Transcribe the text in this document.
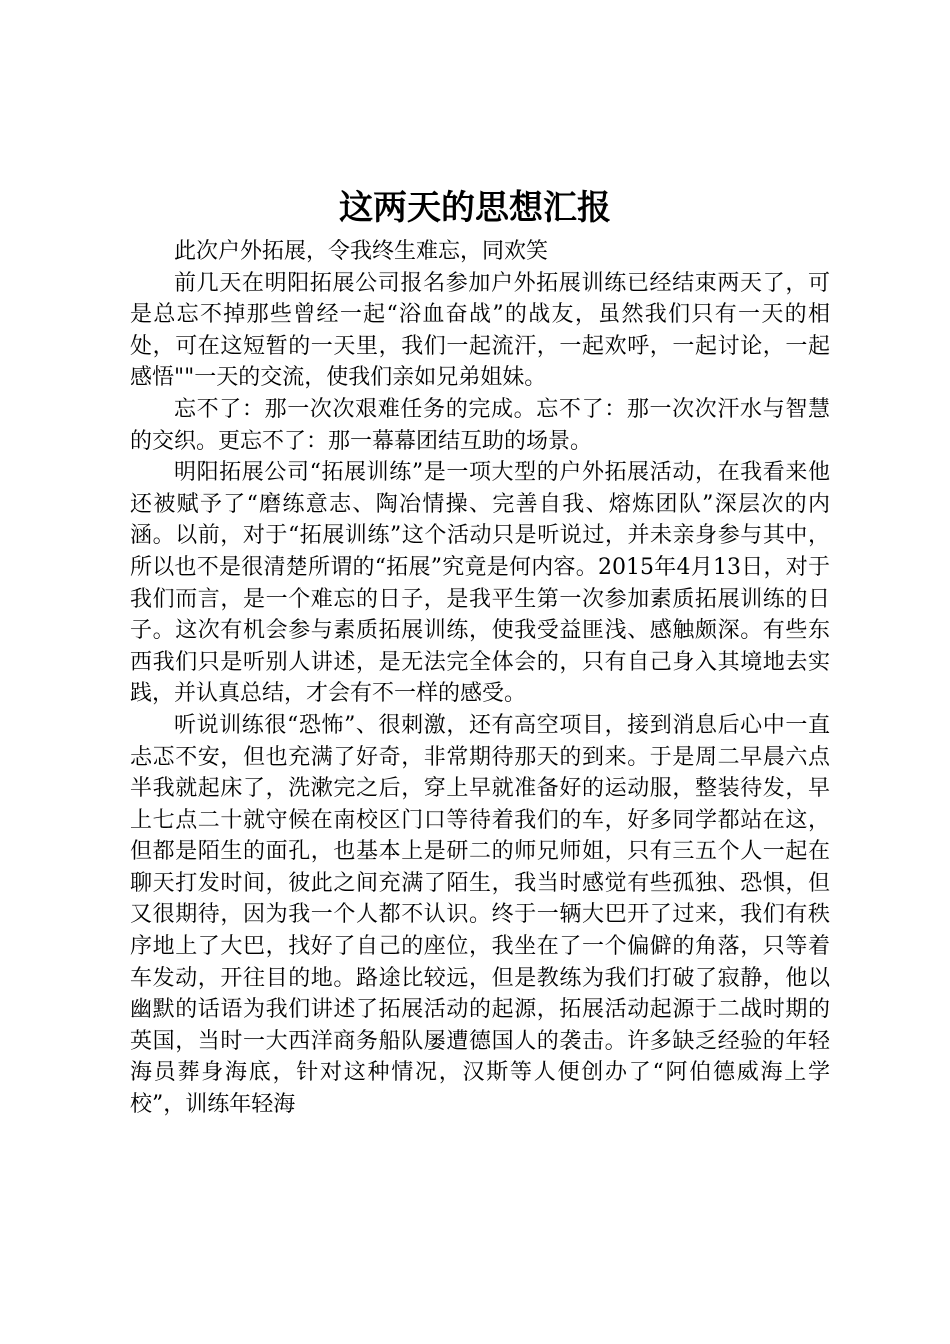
这两天的思想汇报

此次户外拓展，令我终生难忘，同欢笑

前几天在明阳拓展公司报名参加户外拓展训练已经结束两天了，可是总忘不掉那些曾经一起“浴血奋战”的战友，虽然我们只有一天的相处，可在这短暂的一天里，我们一起流汗，一起欢呼，一起讨论，一起感悟""一天的交流，使我们亲如兄弟姐妹。

忘不了：那一次次艰难任务的完成。忘不了：那一次次汗水与智慧的交织。更忘不了：那一幕幕团结互助的场景。

明阳拓展公司“拓展训练”是一项大型的户外拓展活动，在我看来他还被赋予了“磨练意志、陶冶情操、完善自我、熔炼团队”深层次的内涵。以前，对于“拓展训练”这个活动只是听说过，并未亲身参与其中，所以也不是很清楚所谓的“拓展”究竟是何内容。2015年4月13日，对于我们而言，是一个难忘的日子，是我平生第一次参加素质拓展训练的日子。这次有机会参与素质拓展训练，使我受益匪浅、感触颇深。有些东西我们只是听别人讲述，是无法完全体会的，只有自己身入其境地去实践，并认真总结，才会有不一样的感受。

听说训练很“恐怖”、很刺激，还有高空项目，接到消息后心中一直忐忑不安，但也充满了好奇，非常期待那天的到来。于是周二早晨六点半我就起床了，洗漱完之后，穿上早就准备好的运动服，整装待发，早上七点二十就守候在南校区门口等待着我们的车，好多同学都站在这，但都是陌生的面孔，也基本上是研二的师兄师姐，只有三五个人一起在聊天打发时间，彼此之间充满了陌生，我当时感觉有些孤独、恐惧，但又很期待，因为我一个人都不认识。终于一辆大巴开了过来，我们有秩序地上了大巴，找好了自己的座位，我坐在了一个偏僻的角落，只等着车发动，开往目的地。路途比较远，但是教练为我们打破了寂静，他以幽默的话语为我们讲述了拓展活动的起源，拓展活动起源于二战时期的英国，当时一大西洋商务船队屡遭德国人的袭击。许多缺乏经验的年轻海员葬身海底，针对这种情况，汉斯等人便创办了“阿伯德威海上学校”，训练年轻海
